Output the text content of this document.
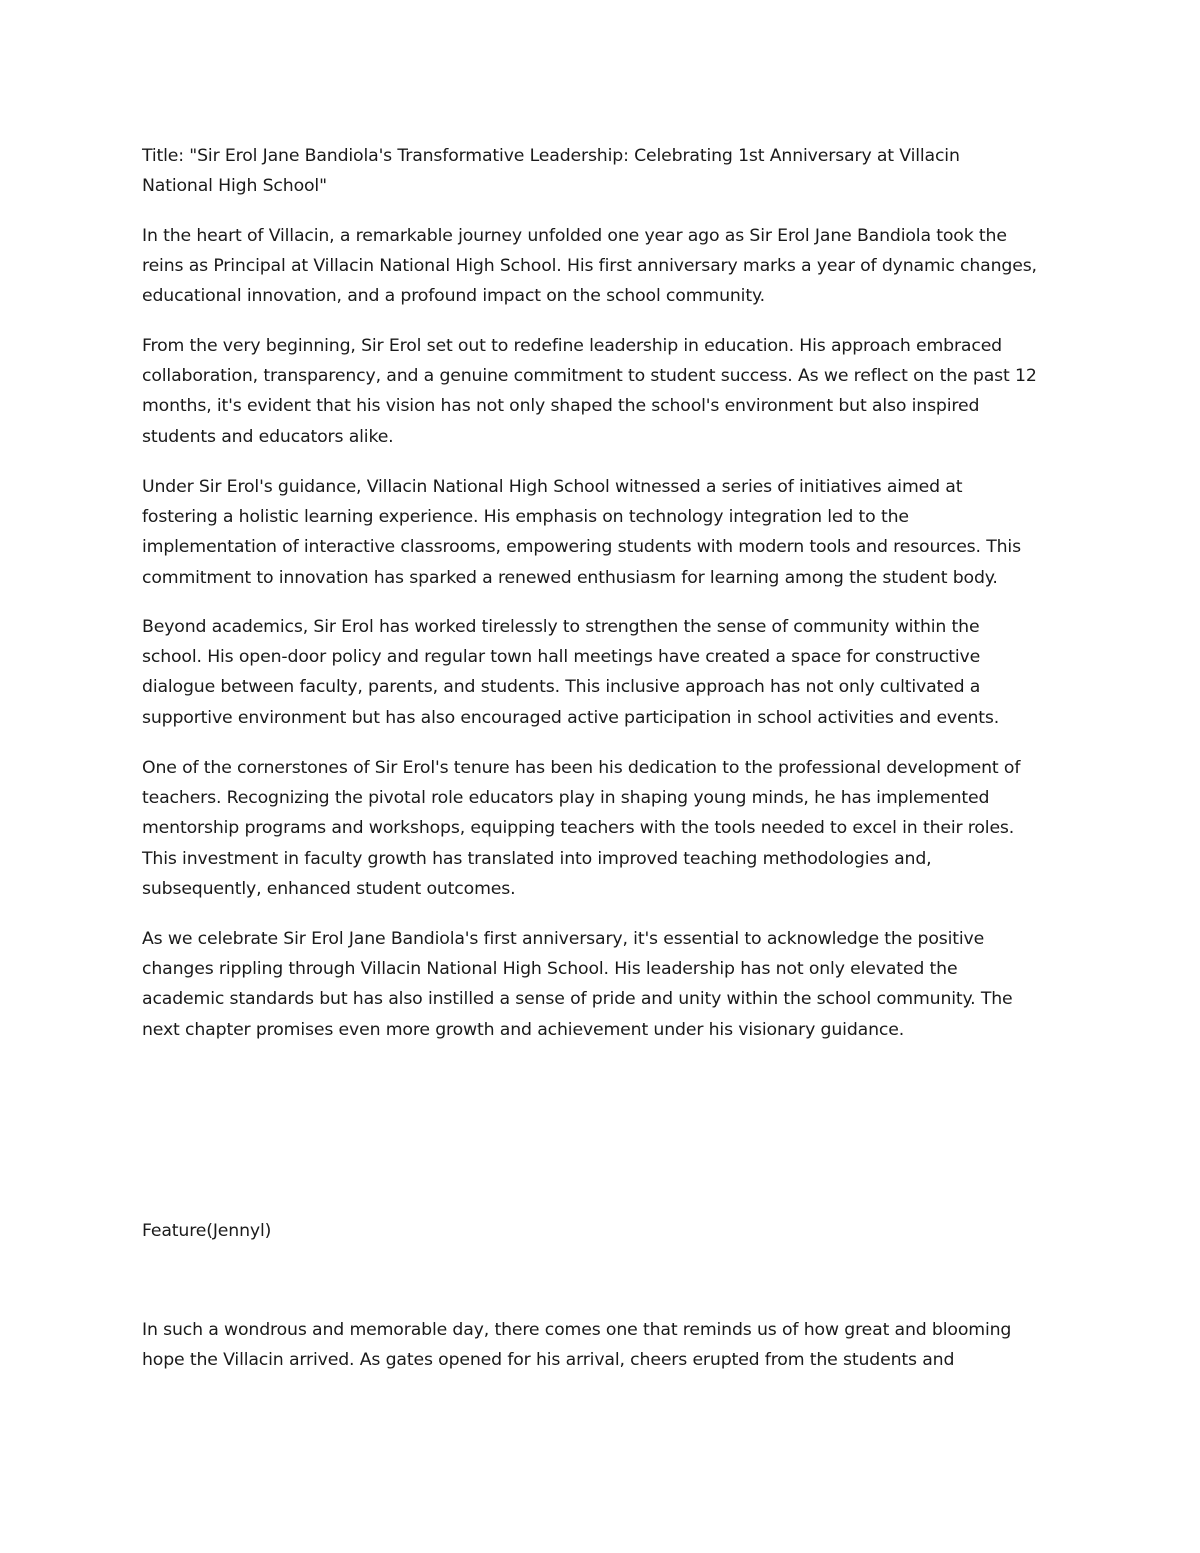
Title: "Sir Erol Jane Bandiola's Transformative Leadership: Celebrating 1st Anniversary at Villacin
National High School"

In the heart of Villacin, a remarkable journey unfolded one year ago as Sir Erol Jane Bandiola took the
reins as Principal at Villacin National High School. His first anniversary marks a year of dynamic changes,
educational innovation, and a profound impact on the school community.

From the very beginning, Sir Erol set out to redefine leadership in education. His approach embraced
collaboration, transparency, and a genuine commitment to student success. As we reflect on the past 12
months, it's evident that his vision has not only shaped the school's environment but also inspired
students and educators alike.

Under Sir Erol's guidance, Villacin National High School witnessed a series of initiatives aimed at
fostering a holistic learning experience. His emphasis on technology integration led to the
implementation of interactive classrooms, empowering students with modern tools and resources. This
commitment to innovation has sparked a renewed enthusiasm for learning among the student body.

Beyond academics, Sir Erol has worked tirelessly to strengthen the sense of community within the
school. His open-door policy and regular town hall meetings have created a space for constructive
dialogue between faculty, parents, and students. This inclusive approach has not only cultivated a
supportive environment but has also encouraged active participation in school activities and events.

One of the cornerstones of Sir Erol's tenure has been his dedication to the professional development of
teachers. Recognizing the pivotal role educators play in shaping young minds, he has implemented
mentorship programs and workshops, equipping teachers with the tools needed to excel in their roles.
This investment in faculty growth has translated into improved teaching methodologies and,
subsequently, enhanced student outcomes.

As we celebrate Sir Erol Jane Bandiola's first anniversary, it's essential to acknowledge the positive
changes rippling through Villacin National High School. His leadership has not only elevated the
academic standards but has also instilled a sense of pride and unity within the school community. The
next chapter promises even more growth and achievement under his visionary guidance.

Feature(Jennyl)

In such a wondrous and memorable day, there comes one that reminds us of how great and blooming
hope the Villacin arrived. As gates opened for his arrival, cheers erupted from the students and
